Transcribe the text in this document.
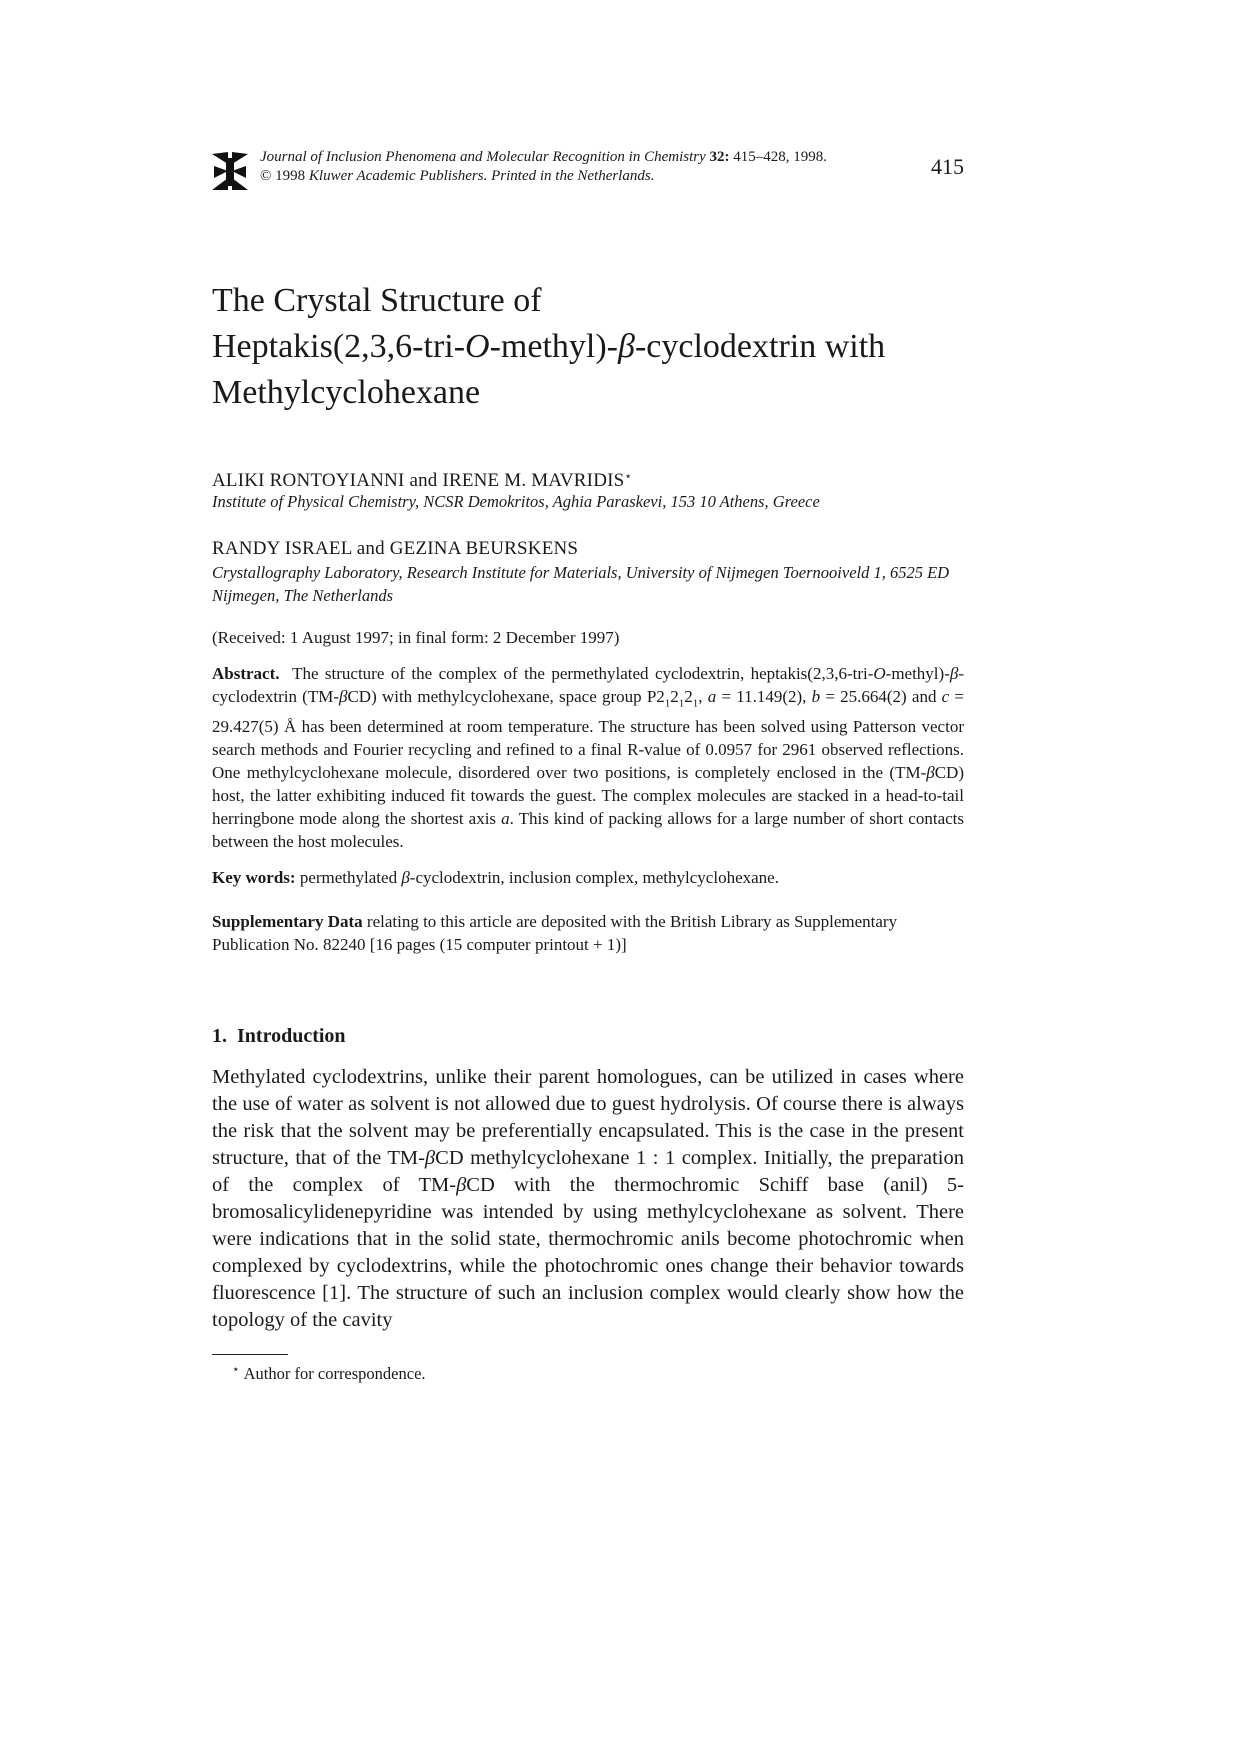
Journal of Inclusion Phenomena and Molecular Recognition in Chemistry 32: 415–428, 1998.
© 1998 Kluwer Academic Publishers. Printed in the Netherlands.	415
The Crystal Structure of
Heptakis(2,3,6-tri-O-methyl)-β-cyclodextrin with
Methylcyclohexane
ALIKI RONTOYIANNI and IRENE M. MAVRIDIS⋆
Institute of Physical Chemistry, NCSR Demokritos, Aghia Paraskevi, 153 10 Athens, Greece
RANDY ISRAEL and GEZINA BEURSKENS
Crystallography Laboratory, Research Institute for Materials, University of Nijmegen Toernooiveld 1, 6525 ED Nijmegen, The Netherlands
(Received: 1 August 1997; in final form: 2 December 1997)
Abstract. The structure of the complex of the permethylated cyclodextrin, heptakis(2,3,6-tri-O-methyl)-β-cyclodextrin (TM-βCD) with methylcyclohexane, space group $P2_12_12_1$, a = 11.149(2), b = 25.664(2) and c = 29.427(5) Å has been determined at room temperature. The structure has been solved using Patterson vector search methods and Fourier recycling and refined to a final R-value of 0.0957 for 2961 observed reflections. One methylcyclohexane molecule, disordered over two positions, is completely enclosed in the (TM-βCD) host, the latter exhibiting induced fit towards the guest. The complex molecules are stacked in a head-to-tail herringbone mode along the shortest axis a. This kind of packing allows for a large number of short contacts between the host molecules.
Key words: permethylated β-cyclodextrin, inclusion complex, methylcyclohexane.
Supplementary Data relating to this article are deposited with the British Library as Supplementary Publication No. 82240 [16 pages (15 computer printout + 1)]
1. Introduction
Methylated cyclodextrins, unlike their parent homologues, can be utilized in cases where the use of water as solvent is not allowed due to guest hydrolysis. Of course there is always the risk that the solvent may be preferentially encapsulated. This is the case in the present structure, that of the TM-βCD methylcyclohexane 1 : 1 complex. Initially, the preparation of the complex of TM-βCD with the thermochromic Schiff base (anil) 5-bromosalicylidenepyridine was intended by using methylcyclohexane as solvent. There were indications that in the solid state, thermochromic anils become photochromic when complexed by cyclodextrins, while the photochromic ones change their behavior towards fluorescence [1]. The structure of such an inclusion complex would clearly show how the topology of the cavity
⋆ Author for correspondence.
